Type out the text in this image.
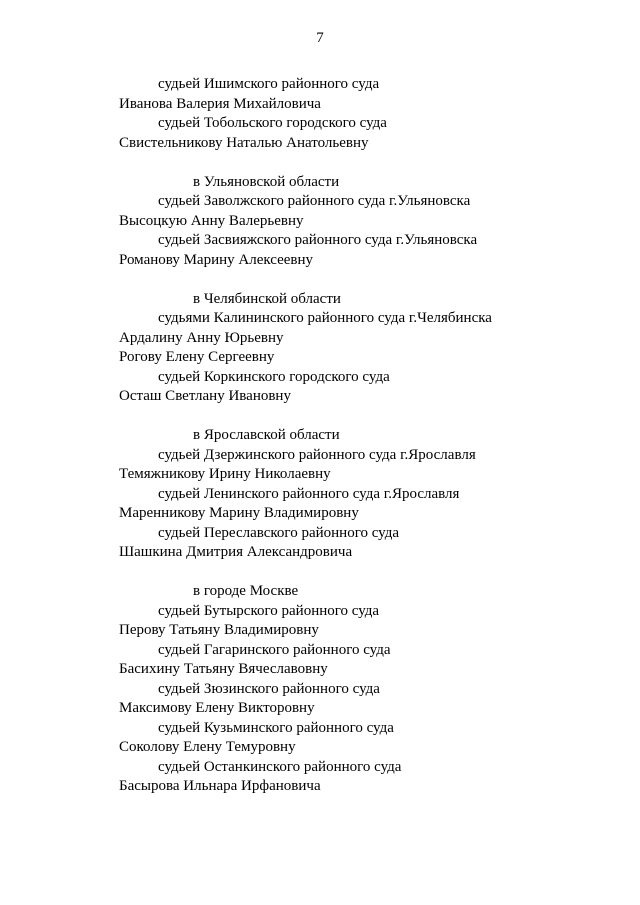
7
судьей Ишимского районного суда
Иванова Валерия Михайловича
судьей Тобольского городского суда
Свистельникову Наталью Анатольевну
в Ульяновской области
судьей Заволжского районного суда г.Ульяновска
Высоцкую Анну Валерьевну
судьей Засвияжского районного суда г.Ульяновска
Романову Марину Алексеевну
в Челябинской области
судьями Калининского районного суда г.Челябинска
Ардалину Анну Юрьевну
Рогову Елену Сергеевну
судьей Коркинского городского суда
Осташ Светлану Ивановну
в Ярославской области
судьей Дзержинского районного суда г.Ярославля
Темяжникову Ирину Николаевну
судьей Ленинского районного суда г.Ярославля
Маренникову Марину Владимировну
судьей Переславского районного суда
Шашкина Дмитрия Александровича
в городе Москве
судьей Бутырского районного суда
Перову Татьяну Владимировну
судьей Гагаринского районного суда
Басихину Татьяну Вячеславовну
судьей Зюзинского районного суда
Максимову Елену Викторовну
судьей Кузьминского районного суда
Соколову Елену Темуровну
судьей Останкинского районного суда
Басырова Ильнара Ирфановича
